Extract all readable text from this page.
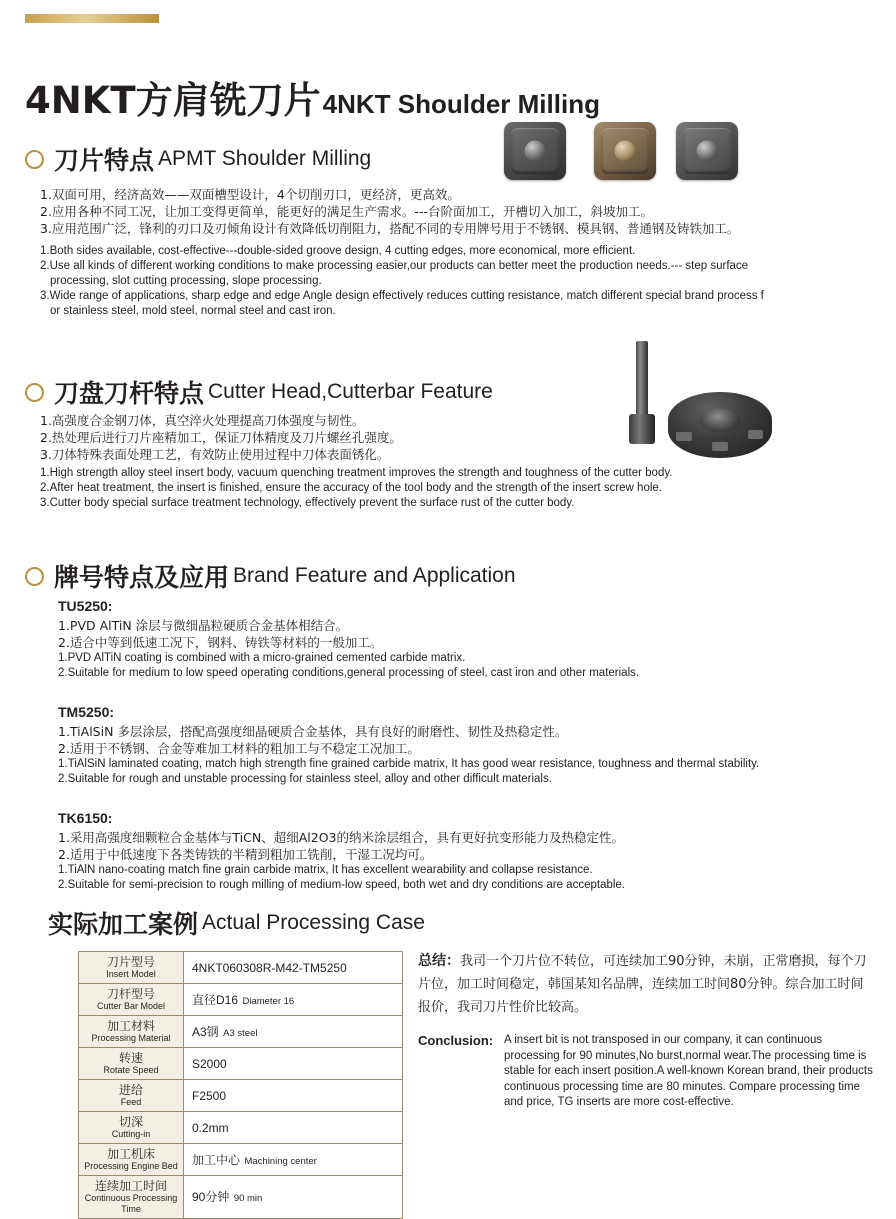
4NKT方肩铣刀片 4NKT Shoulder Milling
刀片特点 APMT Shoulder Milling
1.双面可用，经济高效——双面槽型设计，4个切削刃口，更经济，更高效。
2.应用各种不同工况，让加工变得更简单，能更好的满足生产需求。---台阶面加工，开槽切入加工，斜坡加工。
3.应用范围广泛，锋利的刃口及刃倾角设计有效降低切削阻力，搭配不同的专用牌号用于不锈钢、模具钢、普通钢及铸铁加工。
1.Both sides available, cost-effective---double-sided groove design, 4 cutting edges, more economical, more efficient.
2.Use all kinds of different working conditions to make processing easier,our products can better meet the production needs.--- step surface
processing, slot cutting processing, slope processing.
3.Wide range of applications, sharp edge and edge Angle design effectively reduces cutting resistance, match different special brand process f
or stainless steel, mold steel, normal steel and cast iron.
刀盘刀杆特点 Cutter Head,Cutterbar Feature
1.高强度合金钢刀体，真空淬火处理提高刀体强度与韧性。
2.热处理后进行刀片座精加工，保证刀体精度及刀片螺丝孔强度。
3.刀体特殊表面处理工艺，有效防止使用过程中刀体表面锈化。
1.High strength alloy steel insert body, vacuum quenching treatment improves the strength and toughness of the cutter body.
2.After heat treatment, the insert is finished, ensure the accuracy of the tool body and the strength of the insert screw hole.
3.Cutter body special surface treatment technology, effectively prevent the surface rust of the cutter body.
牌号特点及应用 Brand Feature and Application
TU5250:
1.PVD AlTiN 涂层与微细晶粒硬质合金基体相结合。
2.适合中等到低速工况下，钢料、铸铁等材料的一般加工。
1.PVD AlTiN coating is combined with a micro-grained cemented carbide matrix.
2.Suitable for medium to low speed operating conditions,general processing of steel, cast iron and other materials.
TM5250:
1.TiAlSiN 多层涂层，搭配高强度细晶硬质合金基体，具有良好的耐磨性、韧性及热稳定性。
2.适用于不锈钢、合金等难加工材料的粗加工与不稳定工况加工。
1.TiAlSiN laminated coating, match high strength fine grained carbide matrix, It has good wear resistance, toughness and thermal stability.
2.Suitable for rough and unstable processing for stainless steel, alloy and other difficult materials.
TK6150:
1.采用高强度细颗粒合金基体与TiCN、超细Al2O3的纳米涂层组合，具有更好抗变形能力及热稳定性。
2.适用于中低速度下各类铸铁的半精到粗加工铣削，干湿工况均可。
1.TiAlN nano-coating match fine grain carbide matrix, It has excellent wearability and collapse resistance.
2.Suitable for semi-precision to rough milling of medium-low speed, both wet and dry conditions are acceptable.
实际加工案例 Actual Processing Case
刀片型号
Insert Model	4NKT060308R-M42-TM5250

刀杆型号
Cutter Bar Model	直径D16 Diameter 16

加工材料
Processing Material	A3钢 A3 steel

转速
Rotate Speed	S2000

进给
Feed	F2500

切深
Cutting-in	0.2mm

加工机床
Processing Engine Bed	加工中心 Machining center

连续加工时间
Continuous Processing Time	90分钟 90 min
总结：我司一个刀片位不转位，可连续加工90分钟，未崩，正常磨损，每个刀片位，加工时间稳定，韩国某知名品牌，连续加工时间80分钟。综合加工时间报价，我司刀片性价比较高。
Conclusion: A insert bit is not transposed in our company, it can continuous processing for 90 minutes,No burst,normal wear.The processing time is stable for each insert position.A well-known Korean brand, their products continuous processing time are 80 minutes. Compare processing time and price, TG inserts are more cost-effective.
